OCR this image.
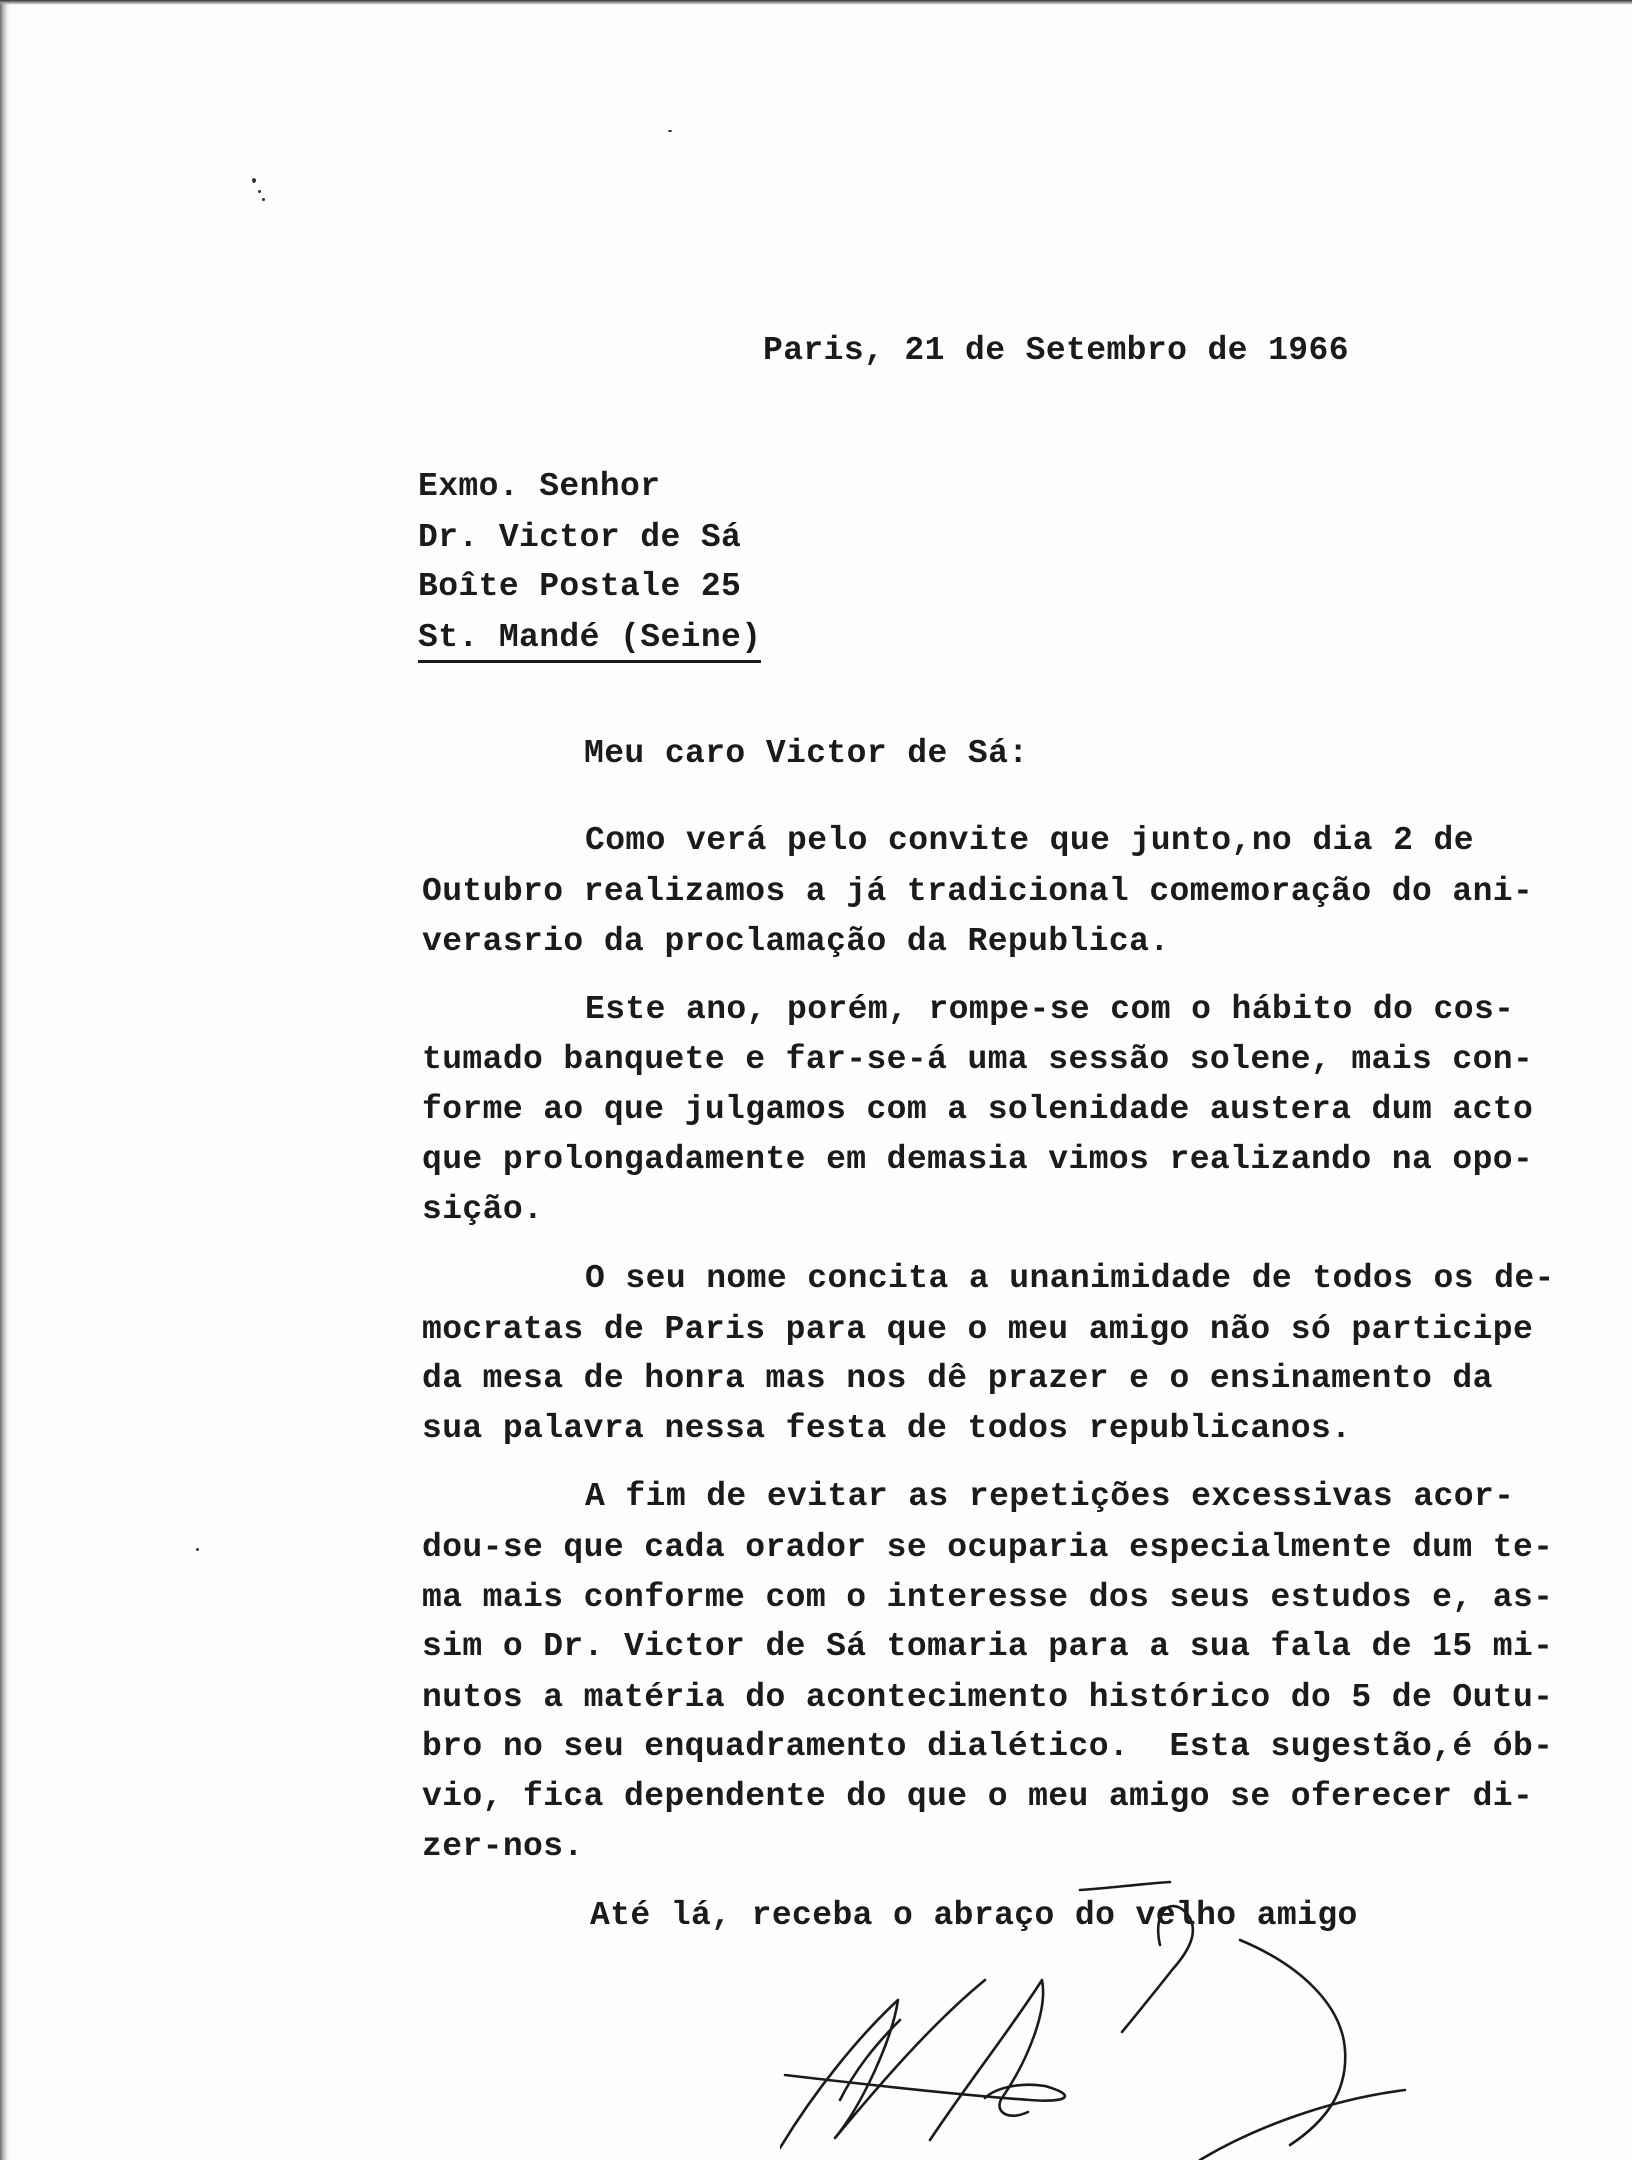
Paris, 21 de Setembro de 1966

Exmo. Senhor

Dr. Victor de Sá

Boîte Postale 25

St. Mandé (Seine)

Meu caro Victor de Sá:

Como verá pelo convite que junto,no dia 2 de

Outubro realizamos a já tradicional comemoração do ani-

verasrio da proclamação da Republica.

Este ano, porém, rompe-se com o hábito do cos-

tumado banquete e far-se-á uma sessão solene, mais con-

forme ao que julgamos com a solenidade austera dum acto

que prolongadamente em demasia vimos realizando na opo-

sição.

O seu nome concita a unanimidade de todos os de-

mocratas de Paris para que o meu amigo não só participe

da mesa de honra mas nos dê prazer e o ensinamento da

sua palavra nessa festa de todos republicanos.

A fim de evitar as repetições excessivas acor-

dou-se que cada orador se ocuparia especialmente dum te-

ma mais conforme com o interesse dos seus estudos e, as-

sim o Dr. Victor de Sá tomaria para a sua fala de 15 mi-

nutos a matéria do acontecimento histórico do 5 de Outu-

bro no seu enquadramento dialético.  Esta sugestão,é ób-

vio, fica dependente do que o meu amigo se oferecer di-

zer-nos.

Até lá, receba o abraço do velho amigo
